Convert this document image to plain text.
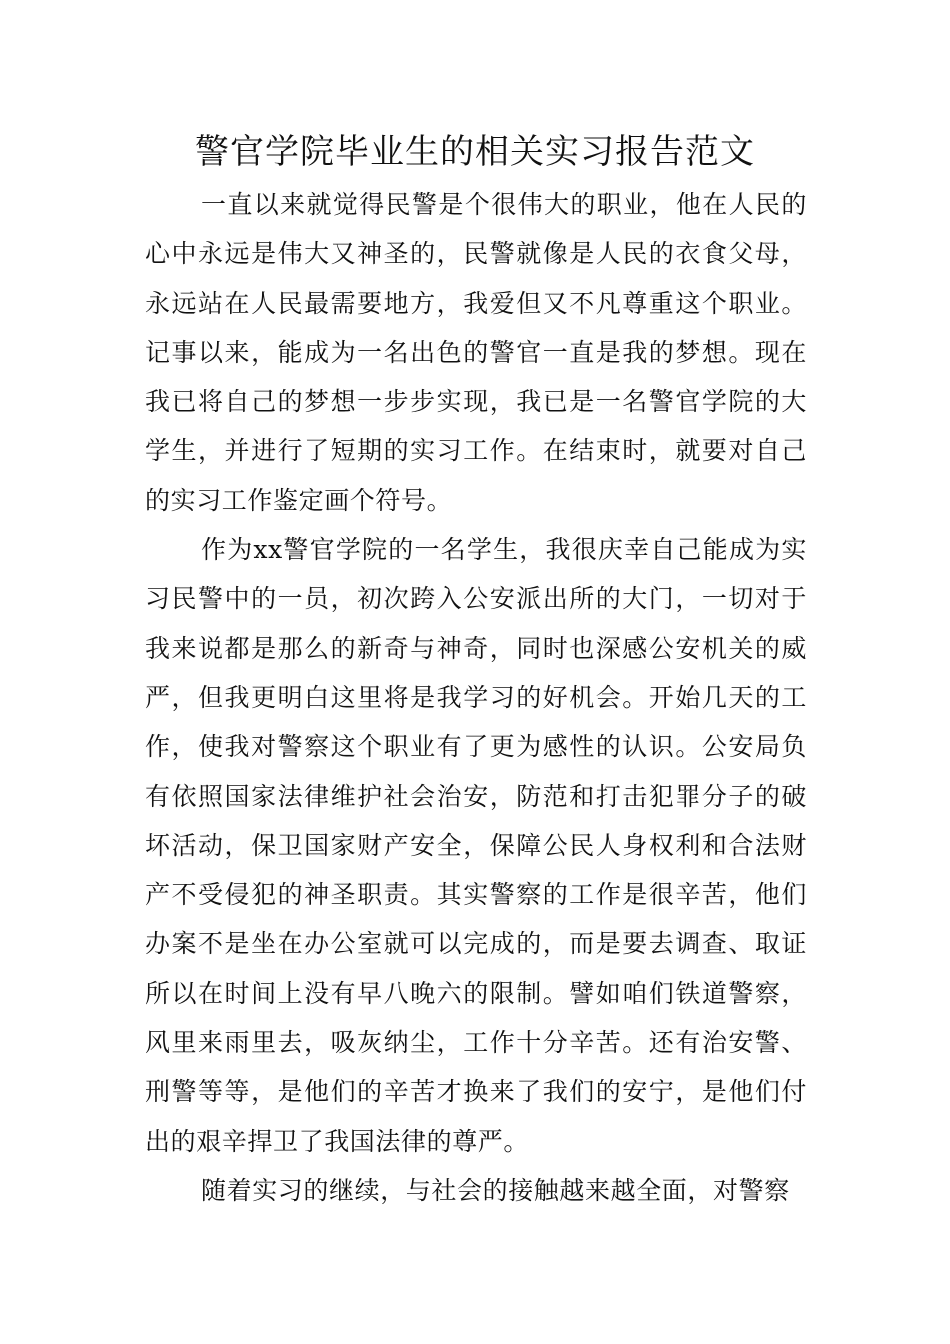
警官学院毕业生的相关实习报告范文

一直以来就觉得民警是个很伟大的职业，他在人民的心中永远是伟大又神圣的，民警就像是人民的衣食父母，永远站在人民最需要地方，我爱但又不凡尊重这个职业。记事以来，能成为一名出色的警官一直是我的梦想。现在我已将自己的梦想一步步实现，我已是一名警官学院的大学生，并进行了短期的实习工作。在结束时，就要对自己的实习工作鉴定画个符号。

作为xx警官学院的一名学生，我很庆幸自己能成为实习民警中的一员，初次跨入公安派出所的大门，一切对于我来说都是那么的新奇与神奇，同时也深感公安机关的威严，但我更明白这里将是我学习的好机会。开始几天的工作，使我对警察这个职业有了更为感性的认识。公安局负有依照国家法律维护社会治安，防范和打击犯罪分子的破坏活动，保卫国家财产安全，保障公民人身权利和合法财产不受侵犯的神圣职责。其实警察的工作是很辛苦，他们办案不是坐在办公室就可以完成的，而是要去调查、取证所以在时间上没有早八晚六的限制。譬如咱们铁道警察，风里来雨里去，吸灰纳尘，工作十分辛苦。还有治安警、刑警等等，是他们的辛苦才换来了我们的安宁，是他们付出的艰辛捍卫了我国法律的尊严。

随着实习的继续，与社会的接触越来越全面，对警察
